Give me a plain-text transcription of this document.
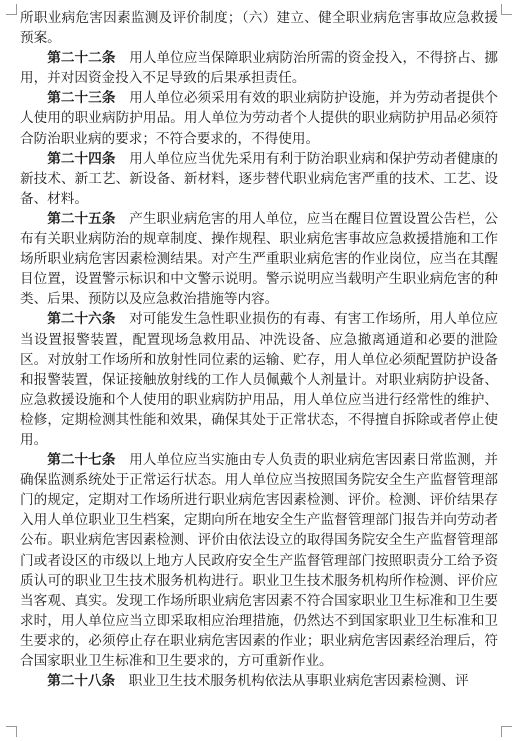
所职业病危害因素监测及评价制度；（六）建立、健全职业病危害事故应急救援预案。

第二十二条　 用人单位应当保障职业病防治所需的资金投入，不得挤占、挪用，并对因资金投入不足导致的后果承担责任。

第二十三条　 用人单位必须采用有效的职业病防护设施，并为劳动者提供个人使用的职业病防护用品。用人单位为劳动者个人提供的职业病防护用品必须符合防治职业病的要求；不符合要求的，不得使用。

第二十四条　 用人单位应当优先采用有利于防治职业病和保护劳动者健康的新技术、新工艺、新设备、新材料，逐步替代职业病危害严重的技术、工艺、设备、材料。

第二十五条　 产生职业病危害的用人单位，应当在醒目位置设置公告栏，公布有关职业病防治的规章制度、操作规程、职业病危害事故应急救援措施和工作场所职业病危害因素检测结果。对产生严重职业病危害的作业岗位，应当在其醒目位置，设置警示标识和中文警示说明。警示说明应当载明产生职业病危害的种类、后果、预防以及应急救治措施等内容。

第二十六条　 对可能发生急性职业损伤的有毒、有害工作场所，用人单位应当设置报警装置，配置现场急救用品、冲洗设备、应急撤离通道和必要的泄险区。对放射工作场所和放射性同位素的运输、贮存，用人单位必须配置防护设备和报警装置，保证接触放射线的工作人员佩戴个人剂量计。对职业病防护设备、应急救援设施和个人使用的职业病防护用品，用人单位应当进行经常性的维护、检修，定期检测其性能和效果，确保其处于正常状态，不得擅自拆除或者停止使用。

第二十七条　 用人单位应当实施由专人负责的职业病危害因素日常监测，并确保监测系统处于正常运行状态。用人单位应当按照国务院安全生产监督管理部门的规定，定期对工作场所进行职业病危害因素检测、评价。检测、评价结果存入用人单位职业卫生档案，定期向所在地安全生产监督管理部门报告并向劳动者公布。职业病危害因素检测、评价由依法设立的取得国务院安全生产监督管理部门或者设区的市级以上地方人民政府安全生产监督管理部门按照职责分工给予资质认可的职业卫生技术服务机构进行。职业卫生技术服务机构所作检测、评价应当客观、真实。发现工作场所职业病危害因素不符合国家职业卫生标准和卫生要求时，用人单位应当立即采取相应治理措施，仍然达不到国家职业卫生标准和卫生要求的，必须停止存在职业病危害因素的作业；职业病危害因素经治理后，符合国家职业卫生标准和卫生要求的，方可重新作业。

第二十八条　 职业卫生技术服务机构依法从事职业病危害因素检测、评
